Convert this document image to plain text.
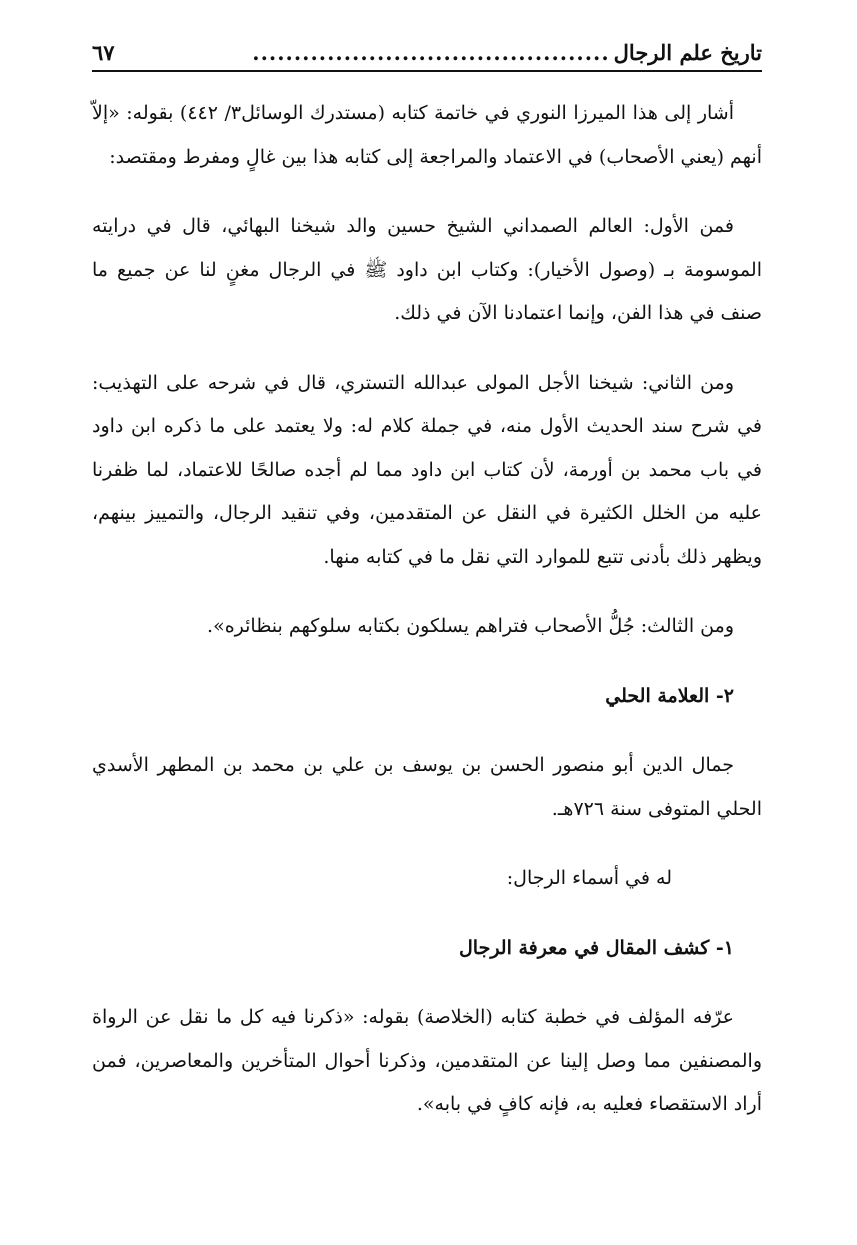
تاريخ علم الرجال
...........................................
٦٧

أشار إلى هذا الميرزا النوري في خاتمة كتابه (مستدرك الوسائل٣/ ٤٤٢) بقوله: «إلاّ أنهم (يعني الأصحاب) في الاعتماد والمراجعة إلى كتابه هذا بين غالٍ ومفرط ومقتصد:

فمن الأول: العالم الصمداني الشيخ حسين والد شيخنا البهائي، قال في درايته الموسومة بـ (وصول الأخيار): وكتاب ابن داود ﷺ في الرجال مغنٍ لنا عن جميع ما صنف في هذا الفن، وإنما اعتمادنا الآن في ذلك.

ومن الثاني: شيخنا الأجل المولى عبدالله التستري، قال في شرحه على التهذيب: في شرح سند الحديث الأول منه، في جملة كلام له: ولا يعتمد على ما ذكره ابن داود في باب محمد بن أورمة، لأن كتاب ابن داود مما لم أجده صالحًا للاعتماد، لما ظفرنا عليه من الخلل الكثيرة في النقل عن المتقدمين، وفي تنقيد الرجال، والتمييز بينهم، ويظهر ذلك بأدنى تتبع للموارد التي نقل ما في كتابه منها.

ومن الثالث: جُلُّ الأصحاب فتراهم يسلكون بكتابه سلوكهم بنظائره».

٢- العلامة الحلي

جمال الدين أبو منصور الحسن بن يوسف بن علي بن محمد بن المطهر الأسدي الحلي المتوفى سنة ٧٢٦هـ.

له في أسماء الرجال:

١- كشف المقال في معرفة الرجال

عرّفه المؤلف في خطبة كتابه (الخلاصة) بقوله: «ذكرنا فيه كل ما نقل عن الرواة والمصنفين مما وصل إلينا عن المتقدمين، وذكرنا أحوال المتأخرين والمعاصرين، فمن أراد الاستقصاء فعليه به، فإنه كافٍ في بابه».
